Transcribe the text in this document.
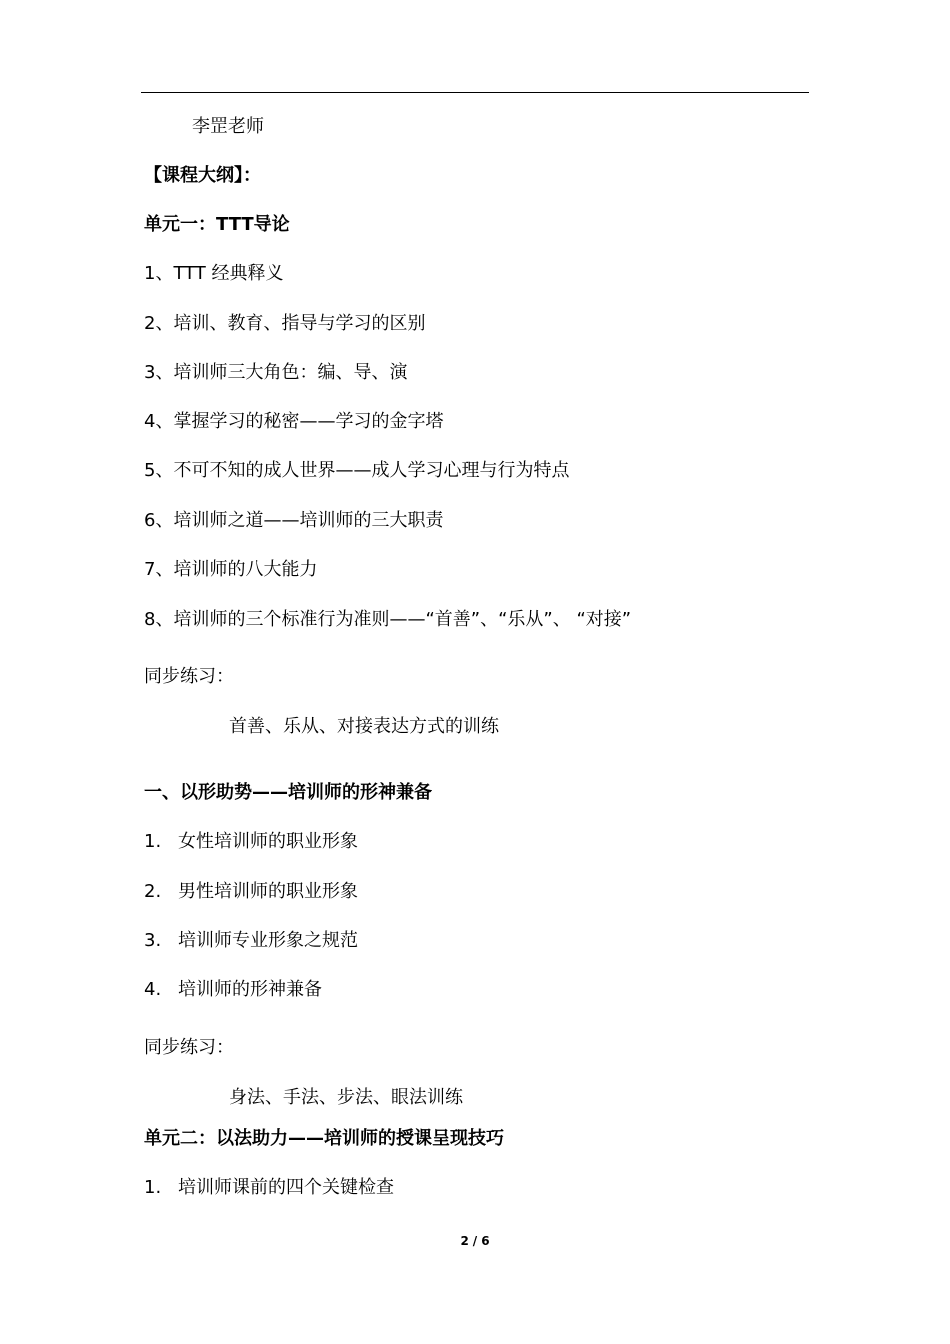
李罡老师
【课程大纲】：
单元一：TTT导论
1、TTT 经典释义
2、培训、教育、指导与学习的区别
3、培训师三大角色：编、导、演
4、掌握学习的秘密——学习的金字塔
5、不可不知的成人世界——成人学习心理与行为特点
6、培训师之道——培训师的三大职责
7、培训师的八大能力
8、培训师的三个标准行为准则——“首善”、“乐从”、 “对接”
同步练习：
首善、乐从、对接表达方式的训练
一、以形助势——培训师的形神兼备
1. 女性培训师的职业形象
2. 男性培训师的职业形象
3. 培训师专业形象之规范
4. 培训师的形神兼备
同步练习：
身法、手法、步法、眼法训练
单元二：以法助力——培训师的授课呈现技巧
1. 培训师课前的四个关键检查
2 / 6
